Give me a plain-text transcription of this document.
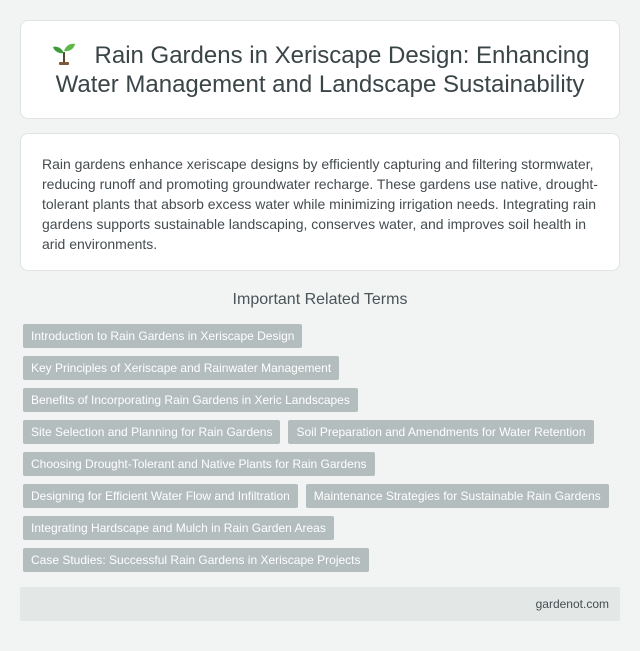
Rain Gardens in Xeriscape Design: Enhancing Water Management and Landscape Sustainability

Rain gardens enhance xeriscape designs by efficiently capturing and filtering stormwater, reducing runoff and promoting groundwater recharge. These gardens use native, drought-tolerant plants that absorb excess water while minimizing irrigation needs. Integrating rain gardens supports sustainable landscaping, conserves water, and improves soil health in arid environments.

Important Related Terms
Introduction to Rain Gardens in Xeriscape Design
Key Principles of Xeriscape and Rainwater Management
Benefits of Incorporating Rain Gardens in Xeric Landscapes
Site Selection and Planning for Rain Gardens	Soil Preparation and Amendments for Water Retention
Choosing Drought-Tolerant and Native Plants for Rain Gardens
Designing for Efficient Water Flow and Infiltration	Maintenance Strategies for Sustainable Rain Gardens
Integrating Hardscape and Mulch in Rain Garden Areas
Case Studies: Successful Rain Gardens in Xeriscape Projects
gardenot.com
